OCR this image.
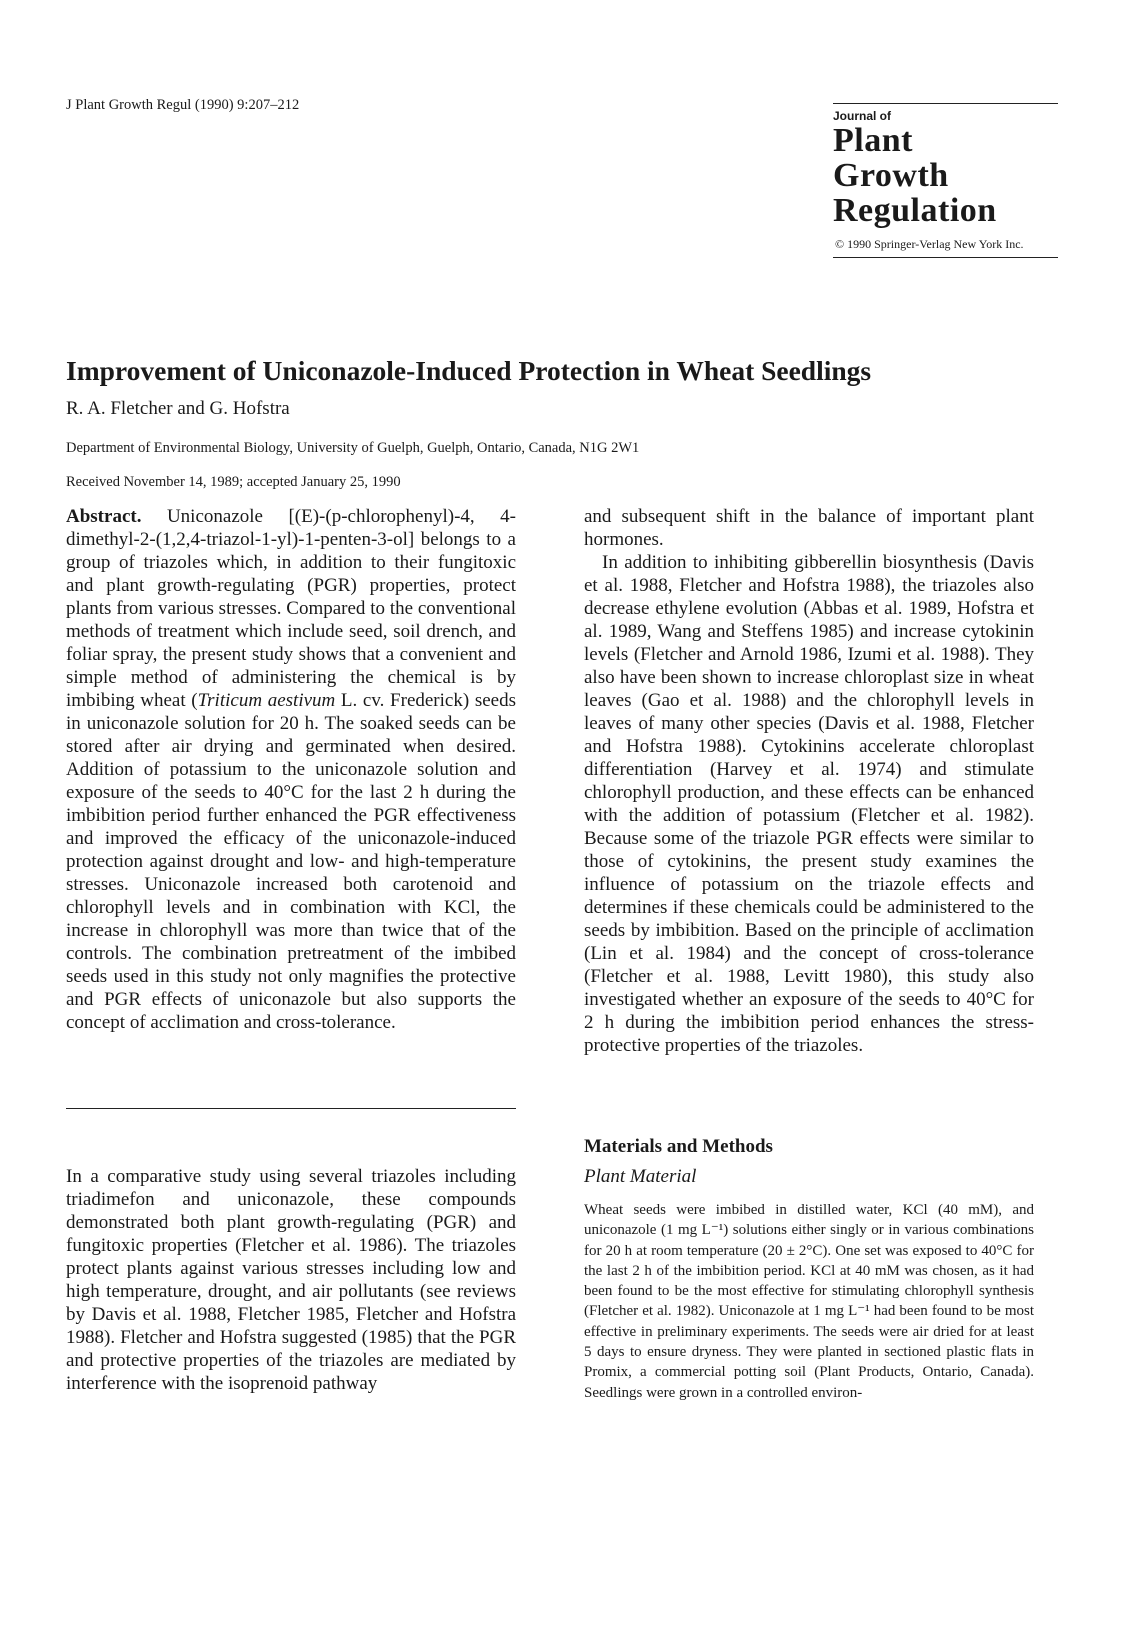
J Plant Growth Regul (1990) 9:207–212
Journal of
Plant
Growth
Regulation
© 1990 Springer-Verlag New York Inc.
Improvement of Uniconazole-Induced Protection in Wheat Seedlings
R. A. Fletcher and G. Hofstra
Department of Environmental Biology, University of Guelph, Guelph, Ontario, Canada, N1G 2W1
Received November 14, 1989; accepted January 25, 1990

Abstract. Uniconazole [(E)-(p-chlorophenyl)-4, 4-dimethyl-2-(1,2,4-triazol-1-yl)-1-penten-3-ol] belongs to a group of triazoles which, in addition to their fungitoxic and plant growth-regulating (PGR) properties, protect plants from various stresses. Compared to the conventional methods of treatment which include seed, soil drench, and foliar spray, the present study shows that a convenient and simple method of administering the chemical is by imbibing wheat (Triticum aestivum L. cv. Frederick) seeds in uniconazole solution for 20 h. The soaked seeds can be stored after air drying and germinated when desired. Addition of potassium to the uniconazole solution and exposure of the seeds to 40°C for the last 2 h during the imbibition period further enhanced the PGR effectiveness and improved the efficacy of the uniconazole-induced protection against drought and low- and high-temperature stresses. Uniconazole increased both carotenoid and chlorophyll levels and in combination with KCl, the increase in chlorophyll was more than twice that of the controls. The combination pretreatment of the imbibed seeds used in this study not only magnifies the protective and PGR effects of uniconazole but also supports the concept of acclimation and cross-tolerance.

In a comparative study using several triazoles including triadimefon and uniconazole, these compounds demonstrated both plant growth-regulating (PGR) and fungitoxic properties (Fletcher et al. 1986). The triazoles protect plants against various stresses including low and high temperature, drought, and air pollutants (see reviews by Davis et al. 1988, Fletcher 1985, Fletcher and Hofstra 1988). Fletcher and Hofstra suggested (1985) that the PGR and protective properties of the triazoles are mediated by interference with the isoprenoid pathway

and subsequent shift in the balance of important plant hormones.

In addition to inhibiting gibberellin biosynthesis (Davis et al. 1988, Fletcher and Hofstra 1988), the triazoles also decrease ethylene evolution (Abbas et al. 1989, Hofstra et al. 1989, Wang and Steffens 1985) and increase cytokinin levels (Fletcher and Arnold 1986, Izumi et al. 1988). They also have been shown to increase chloroplast size in wheat leaves (Gao et al. 1988) and the chlorophyll levels in leaves of many other species (Davis et al. 1988, Fletcher and Hofstra 1988). Cytokinins accelerate chloroplast differentiation (Harvey et al. 1974) and stimulate chlorophyll production, and these effects can be enhanced with the addition of potassium (Fletcher et al. 1982). Because some of the triazole PGR effects were similar to those of cytokinins, the present study examines the influence of potassium on the triazole effects and determines if these chemicals could be administered to the seeds by imbibition. Based on the principle of acclimation (Lin et al. 1984) and the concept of cross-tolerance (Fletcher et al. 1988, Levitt 1980), this study also investigated whether an exposure of the seeds to 40°C for 2 h during the imbibition period enhances the stress-protective properties of the triazoles.

Materials and Methods
Plant Material
Wheat seeds were imbibed in distilled water, KCl (40 mM), and uniconazole (1 mg L⁻¹) solutions either singly or in various combinations for 20 h at room temperature (20 ± 2°C). One set was exposed to 40°C for the last 2 h of the imbibition period. KCl at 40 mM was chosen, as it had been found to be the most effective for stimulating chlorophyll synthesis (Fletcher et al. 1982). Uniconazole at 1 mg L⁻¹ had been found to be most effective in preliminary experiments. The seeds were air dried for at least 5 days to ensure dryness. They were planted in sectioned plastic flats in Promix, a commercial potting soil (Plant Products, Ontario, Canada). Seedlings were grown in a controlled environ-
